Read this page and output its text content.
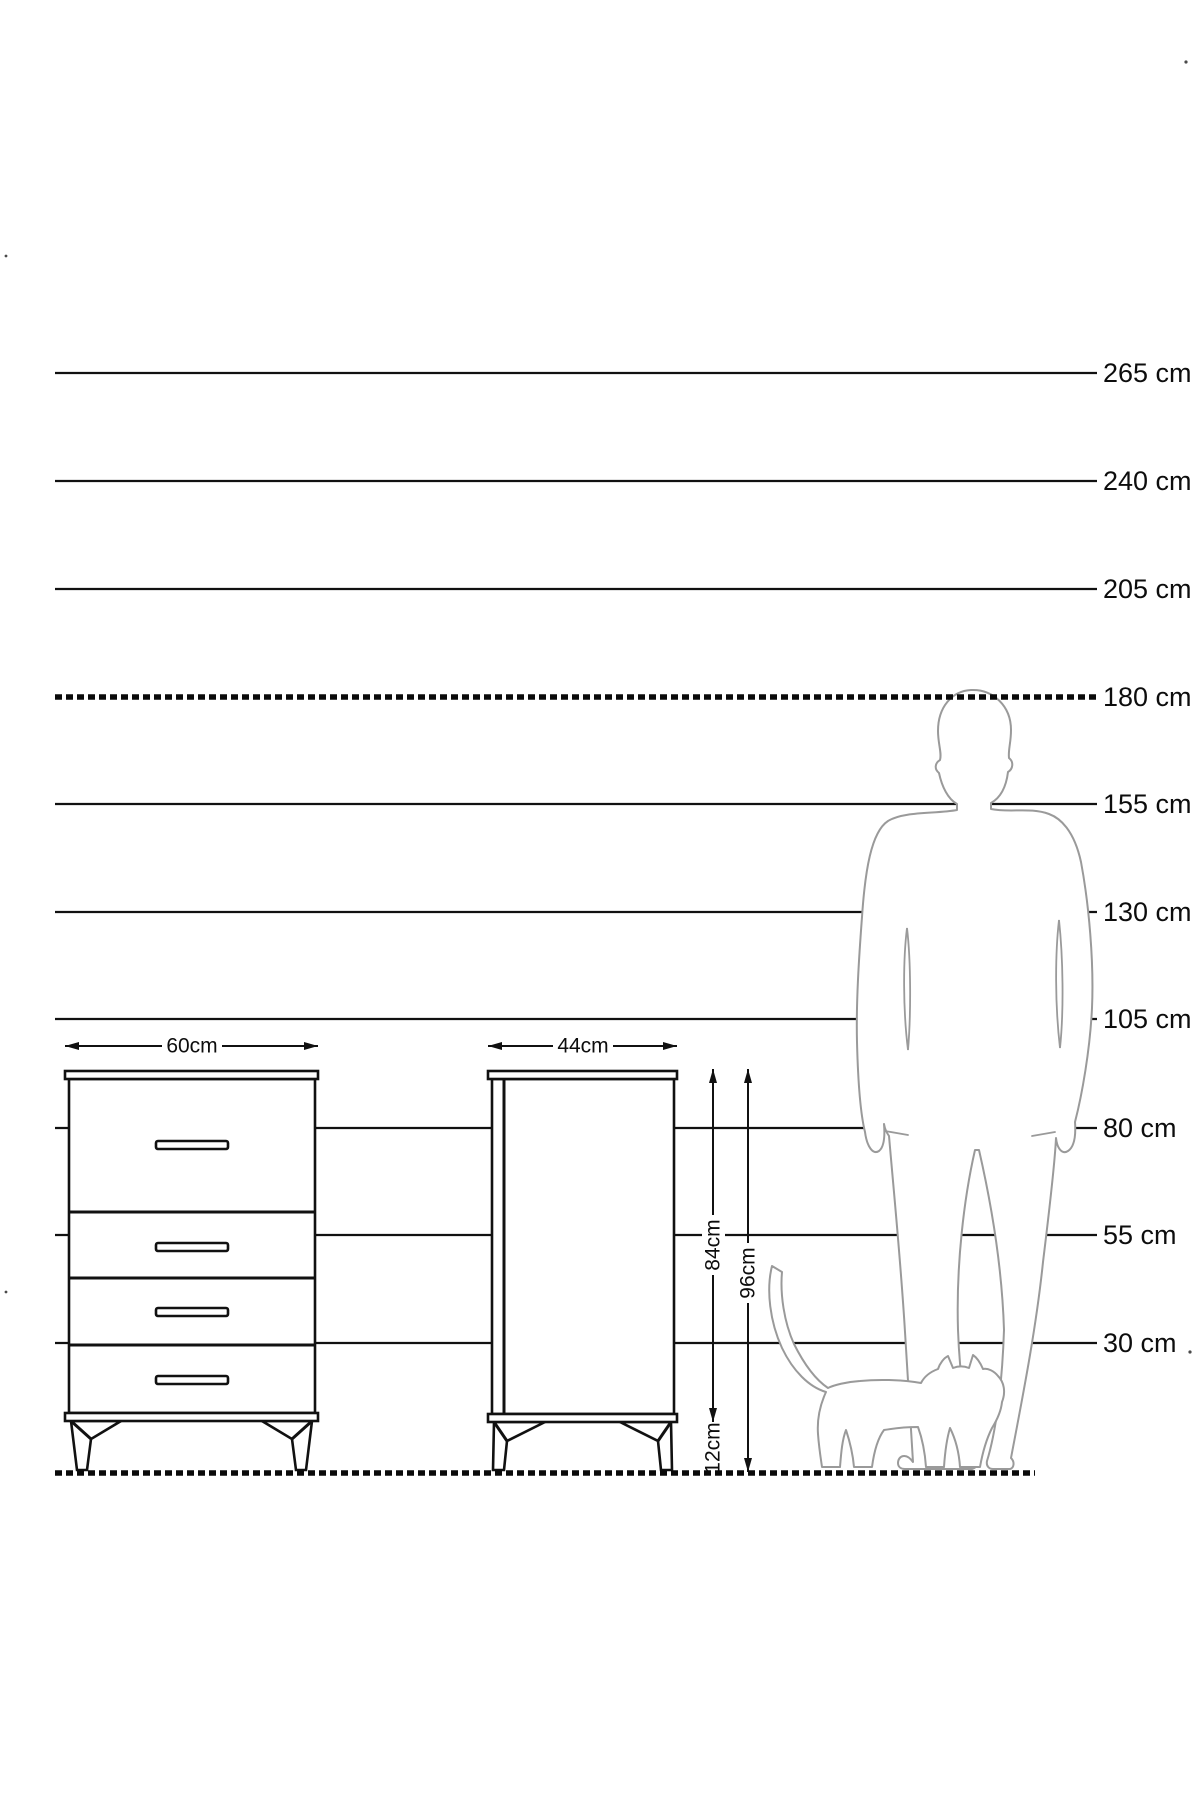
265 cm
240 cm
205 cm
155 cm
130 cm
105 cm
80 cm
55 cm
30 cm
180 cm
60cm	44cm
84cm
96cm
12cm
